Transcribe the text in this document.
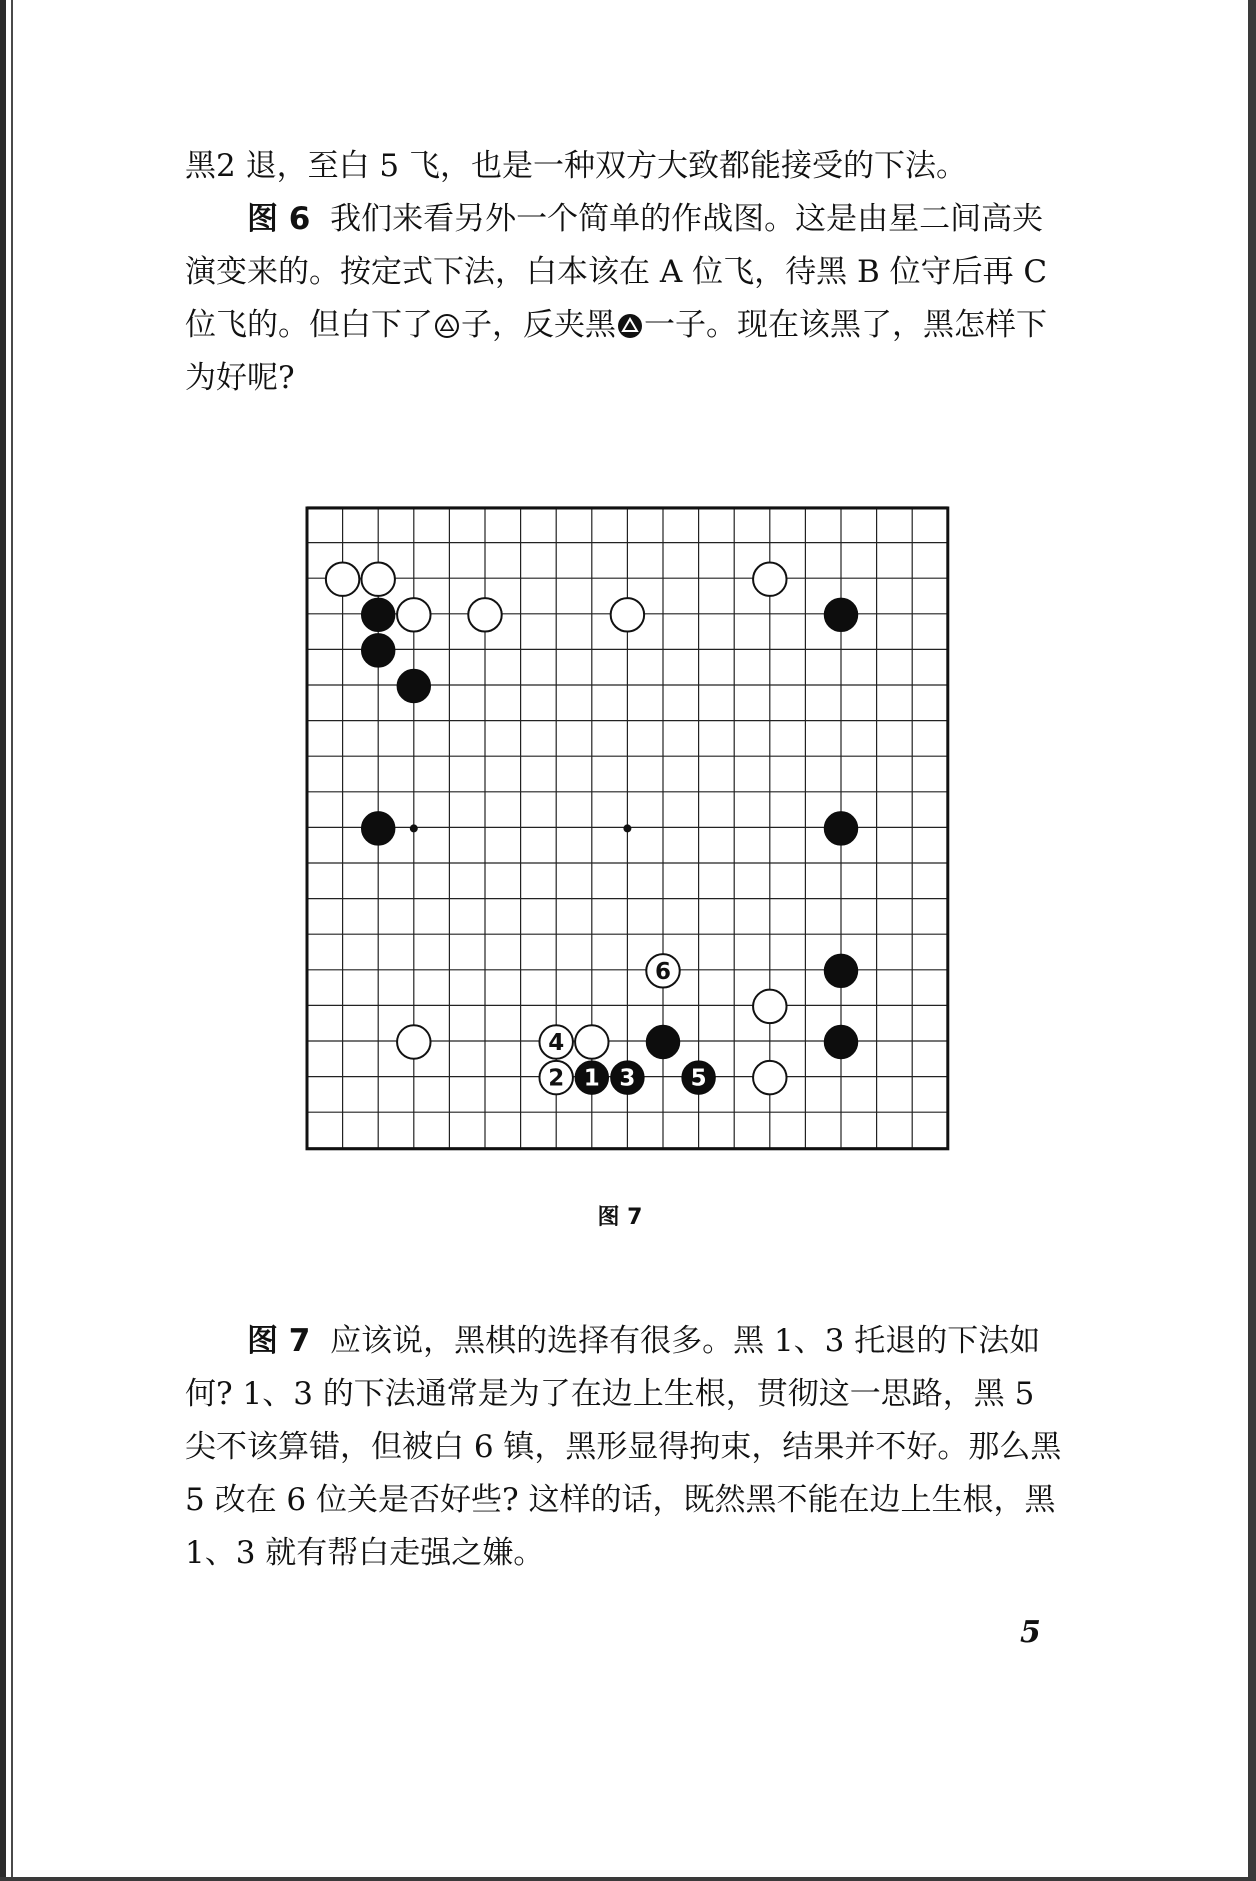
黑2 退，至白 5 飞，也是一种双方大致都能接受的下法。

图 6 我们来看另外一个简单的作战图。这是由星二间高夹演变来的。按定式下法，白本该在 A 位飞，待黑 B 位守后再 C 位飞的。但白下了 子，反夹黑 一子。现在该黑了，黑怎样下为好呢?

6
4
2 1 3 5
图 7

图 7 应该说，黑棋的选择有很多。黑 1、3 托退的下法如何? 1、3 的下法通常是为了在边上生根，贯彻这一思路，黑 5 尖不该算错，但被白 6 镇，黑形显得拘束，结果并不好。那么黑 5 改在 6 位关是否好些? 这样的话，既然黑不能在边上生根，黑 1、3 就有帮白走强之嫌。

5
